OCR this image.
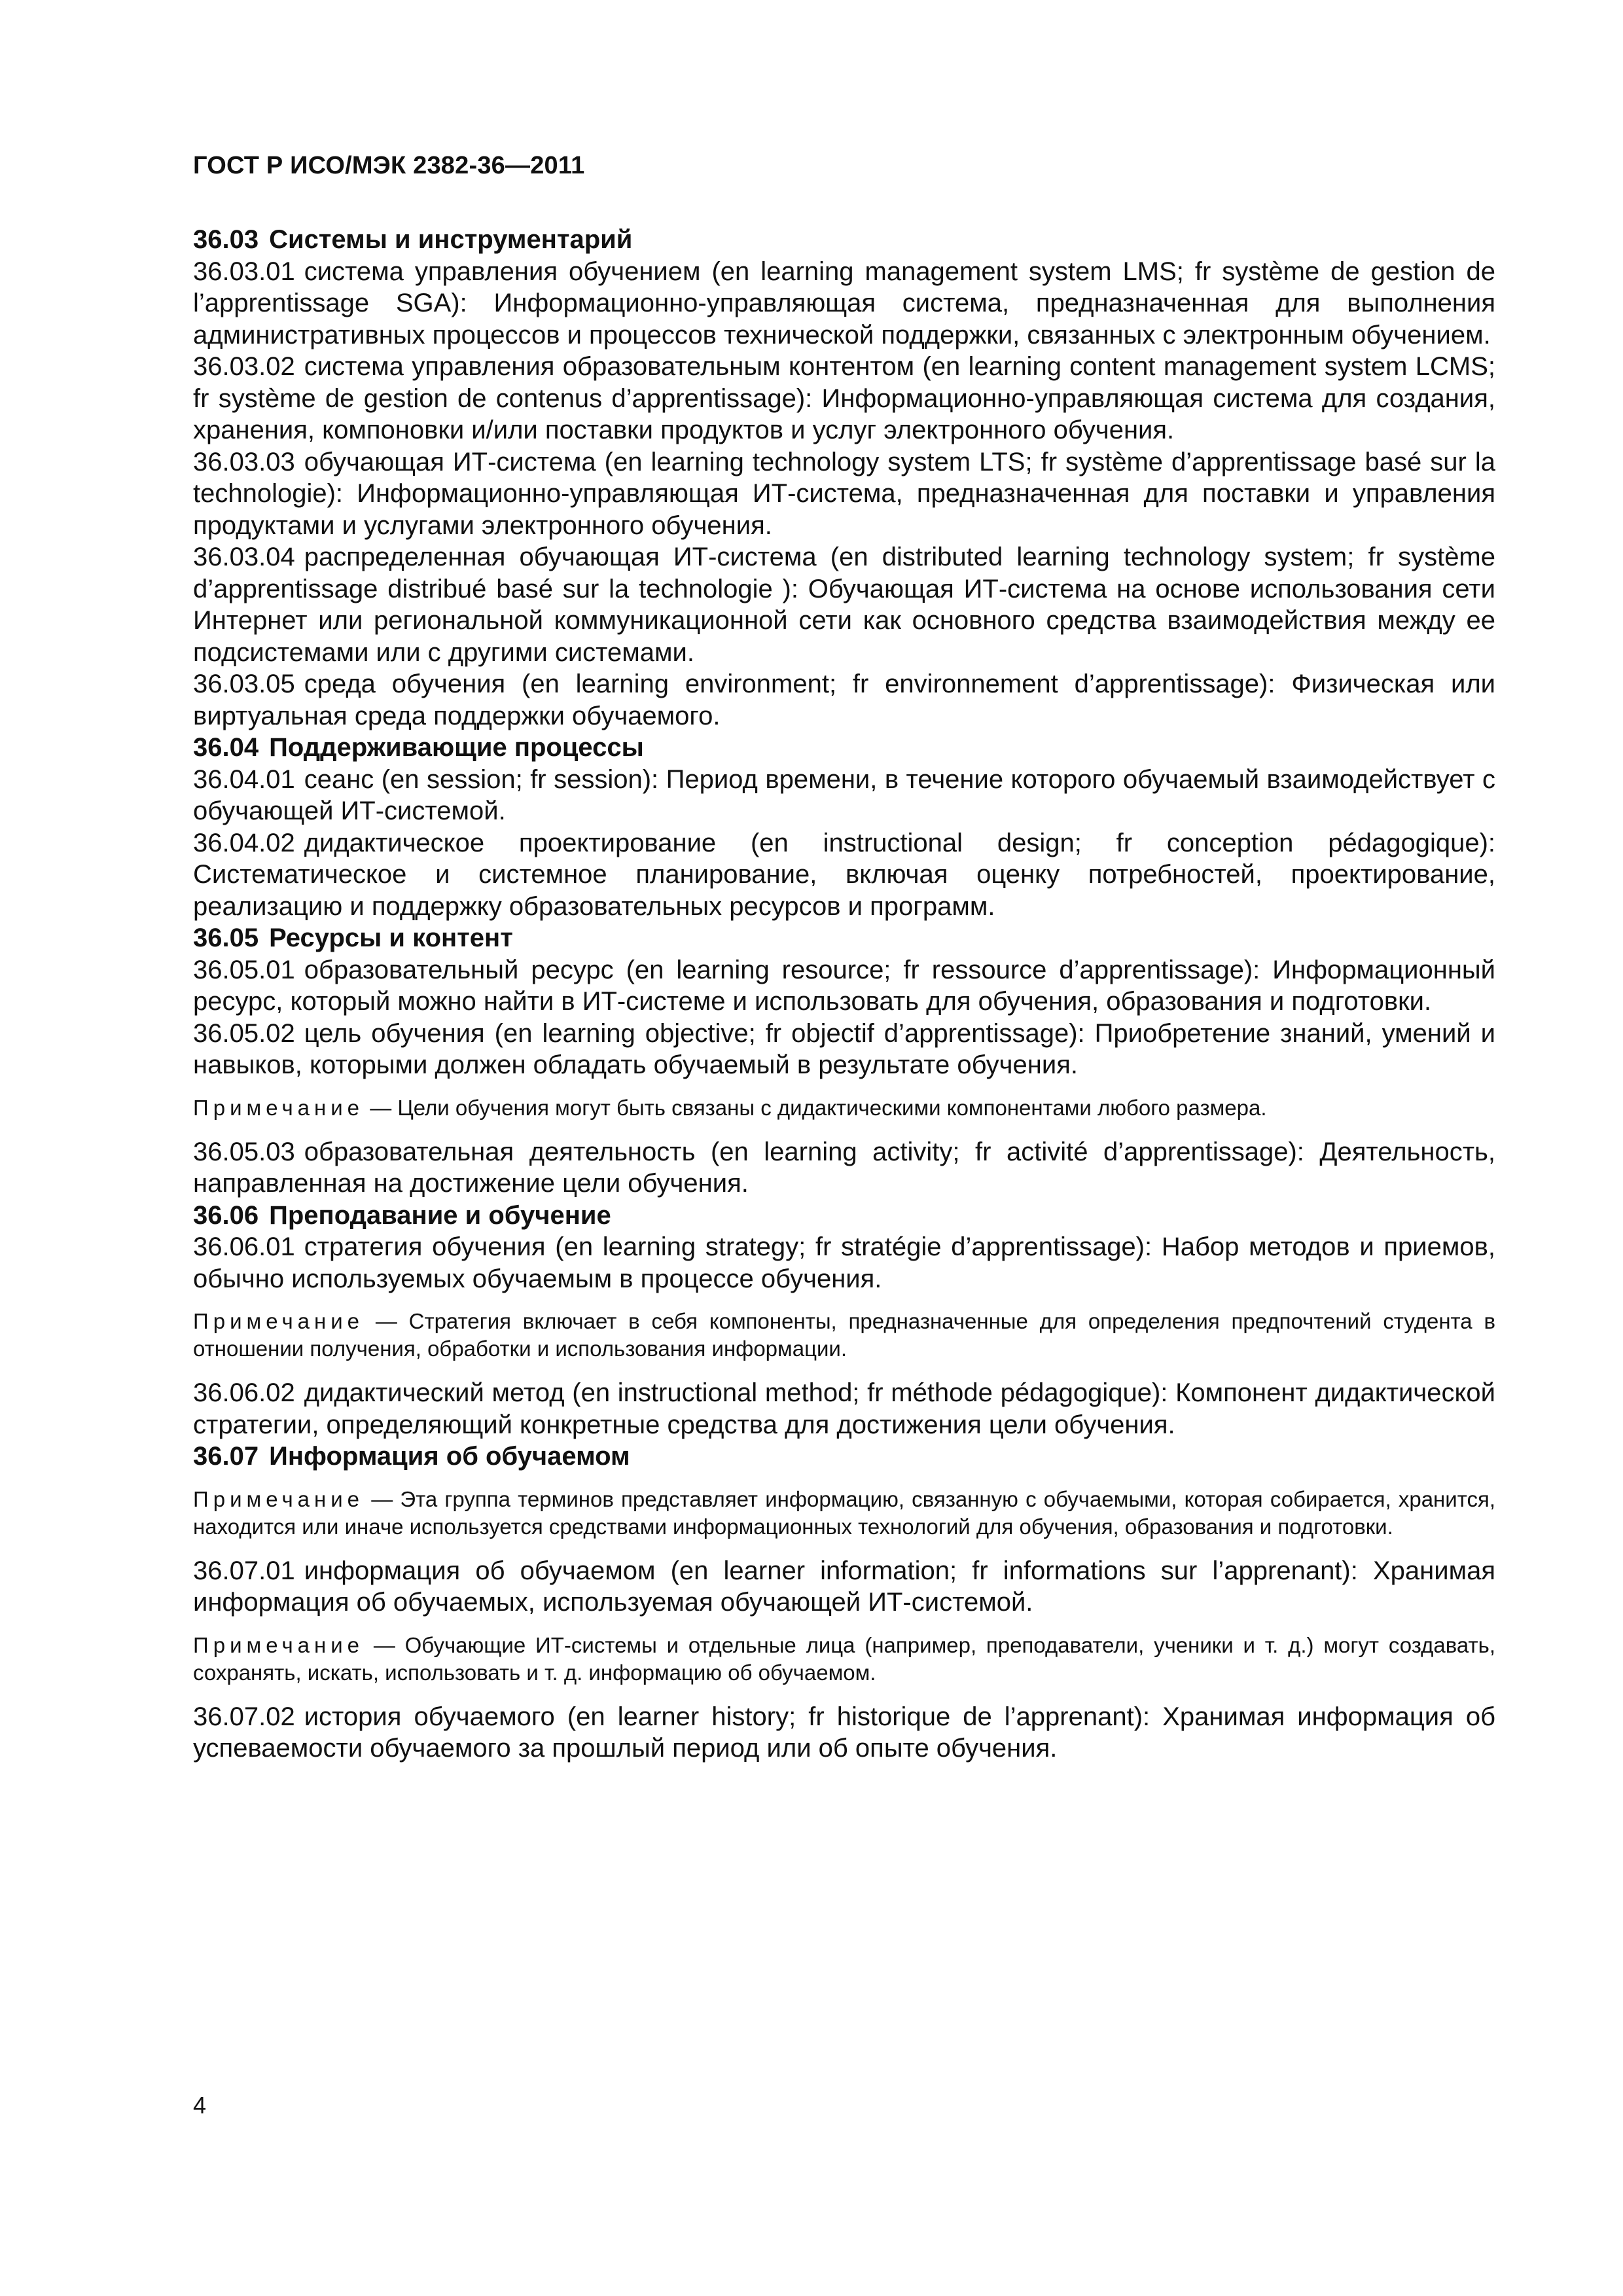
ГОСТ Р ИСО/МЭК 2382-36—2011

36.03 Системы и инструментарий

36.03.01 система управления обучением (en learning management system LMS; fr système de gestion de l’apprentissage SGA): Информационно-управляющая система, предназначенная для выполнения административных процессов и процессов технической поддержки, связанных с электронным обучением.

36.03.02 система управления образовательным контентом (en learning content management system LCMS; fr système de gestion de contenus d’apprentissage): Информационно-управляющая система для создания, хранения, компоновки и/или поставки продуктов и услуг электронного обучения.

36.03.03 обучающая ИТ-система (en learning technology system LTS; fr système d’apprentissage basé sur la technologie): Информационно-управляющая ИТ-система, предназначенная для поставки и управления продуктами и услугами электронного обучения.

36.03.04 распределенная обучающая ИТ-система (en distributed learning technology system; fr système d’apprentissage distribué basé sur la technologie ): Обучающая ИТ-система на основе использования сети Интернет или региональной коммуникационной сети как основного средства взаимодействия между ее подсистемами или с другими системами.

36.03.05 среда обучения (en learning environment; fr environnement d’apprentissage): Физическая или виртуальная среда поддержки обучаемого.

36.04 Поддерживающие процессы

36.04.01 сеанс (en session; fr session): Период времени, в течение которого обучаемый взаимодействует с обучающей ИТ-системой.

36.04.02 дидактическое проектирование (en instructional design; fr conception pédagogique): Систематическое и системное планирование, включая оценку потребностей, проектирование, реализацию и поддержку образовательных ресурсов и программ.

36.05 Ресурсы и контент

36.05.01 образовательный ресурс (en learning resource; fr ressource d’apprentissage): Информационный ресурс, который можно найти в ИТ-системе и использовать для обучения, образования и подготовки.

36.05.02 цель обучения (en learning objective; fr objectif d’apprentissage): Приобретение знаний, умений и навыков, которыми должен обладать обучаемый в результате обучения.

Примечание — Цели обучения могут быть связаны с дидактическими компонентами любого размера.

36.05.03 образовательная деятельность (en learning activity; fr activité d’apprentissage): Деятельность, направленная на достижение цели обучения.

36.06 Преподавание и обучение

36.06.01 стратегия обучения (en learning strategy; fr stratégie d’apprentissage): Набор методов и приемов, обычно используемых обучаемым в процессе обучения.

Примечание — Стратегия включает в себя компоненты, предназначенные для определения предпочтений студента в отношении получения, обработки и использования информации.

36.06.02 дидактический метод (en instructional method; fr méthode pédagogique): Компонент дидактической стратегии, определяющий конкретные средства для достижения цели обучения.

36.07 Информация об обучаемом

Примечание — Эта группа терминов представляет информацию, связанную с обучаемыми, которая собирается, хранится, находится или иначе используется средствами информационных технологий для обучения, образования и подготовки.

36.07.01 информация об обучаемом (en learner information; fr informations sur l’apprenant): Хранимая информация об обучаемых, используемая обучающей ИТ-системой.

Примечание — Обучающие ИТ-системы и отдельные лица (например, преподаватели, ученики и т. д.) могут создавать, сохранять, искать, использовать и т. д. информацию об обучаемом.

36.07.02 история обучаемого (en learner history; fr historique de l’apprenant): Хранимая информация об успеваемости обучаемого за прошлый период или об опыте обучения.

4
